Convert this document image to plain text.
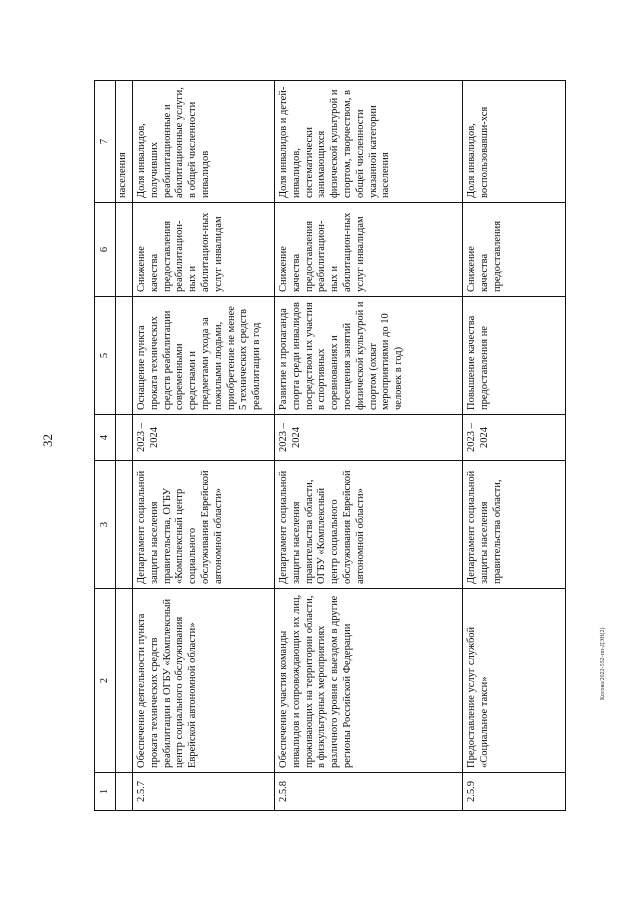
32
Косова/2022-552-пп-ДЭН(2)
1	2	3	4	5	6	7
						населения
2.5.7	Обеспечение деятельности пункта проката технических средств реабилитации в ОГБУ «Комплексный центр социального обслуживания Еврейской автономной области»	Департамент социальной защиты населения правительства, ОГБУ «Комплексный центр социального обслуживания Еврейской автономной области»	2023 – 2024	Оснащение пункта проката технических средств реабилитации современными средствами и предметами ухода за пожилыми людьми, приобретение не менее 5 технических средств реабилитации в год	Снижение качества предоставления реабилитацион-ных и абилитацион-ных услуг инвалидам	Доля инвалидов, получивших реабилитационные и абилитационные услуги, в общей численности инвалидов
2.5.8	Обеспечение участия команды инвалидов и сопровождающих их лиц, проживающих на территории области, в физкультурных мероприятиях различного уровня с выездом в другие регионы Российской Федерации	Департамент социальной защиты населения правительства области, ОГБУ «Комплексный центр социального обслуживания Еврейской автономной области»	2023 – 2024	Развитие и пропаганда спорта среди инвалидов посредством их участия в спортивных соревнованиях и посещения занятий физической культурой и спортом (охват мероприятиями до 10 человек в год)	Снижение качества предоставления реабилитацион-ных и абилитацион-ных услуг инвалидам	Доля инвалидов и детей-инвалидов, систематически занимающихся физической культурой и спортом, творчеством, в общей численности указанной категории населения
2.5.9	Предоставление услуг службой «Социальное такси»	Департамент социальной защиты населения правительства области,	2023 – 2024	Повышение качества предоставления не	Снижение качества предоставления	Доля инвалидов, воспользовавши-хся
